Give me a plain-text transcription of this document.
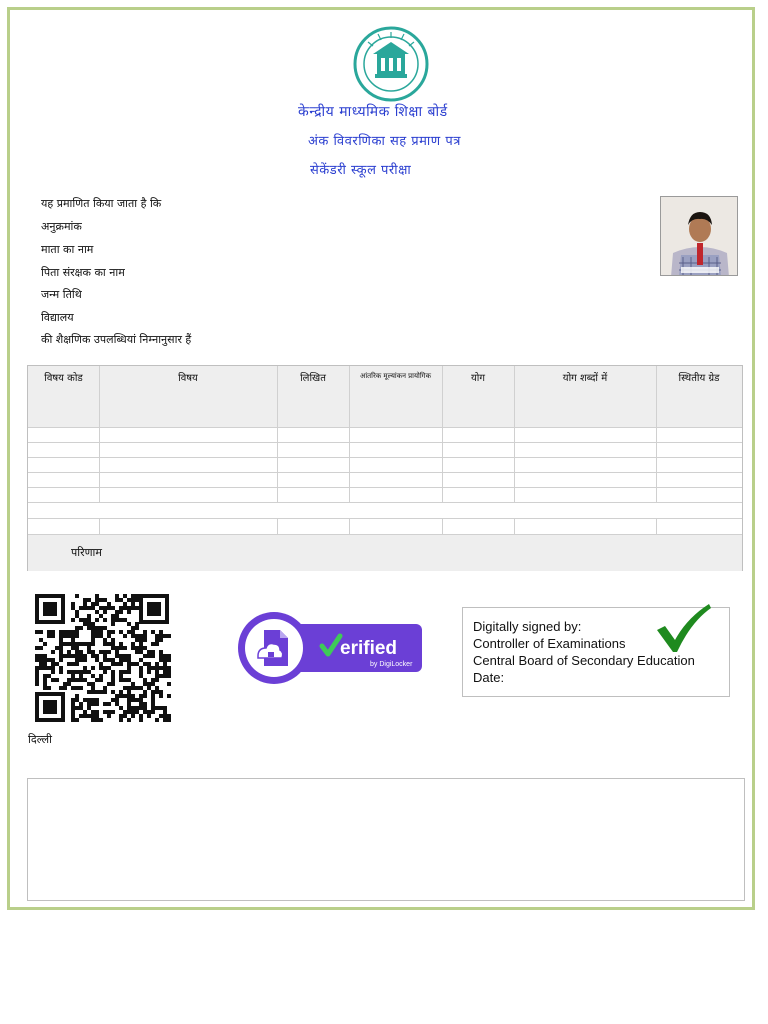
केन्द्रीय माध्यमिक शिक्षा बोर्ड
अंक विवरणिका सह प्रमाण पत्र
सेकेंडरी स्कूल परीक्षा
यह प्रमाणित किया जाता है कि
अनुक्रमांक
माता का नाम
पिता संरक्षक का नाम
जन्म तिथि
विद्यालय
की शैक्षणिक उपलब्धियां निम्नानुसार हैं
परिणाम
विषय कोड	विषय	लिखित	आंतरिक मूल्यांकन प्रायोगिक	योग	योग शब्दों में	स्थितीय ग्रेड
erified
by DigiLocker
Digitally signed by:
Controller of Examinations
Central Board of Secondary Education
Date:
दिल्ली
